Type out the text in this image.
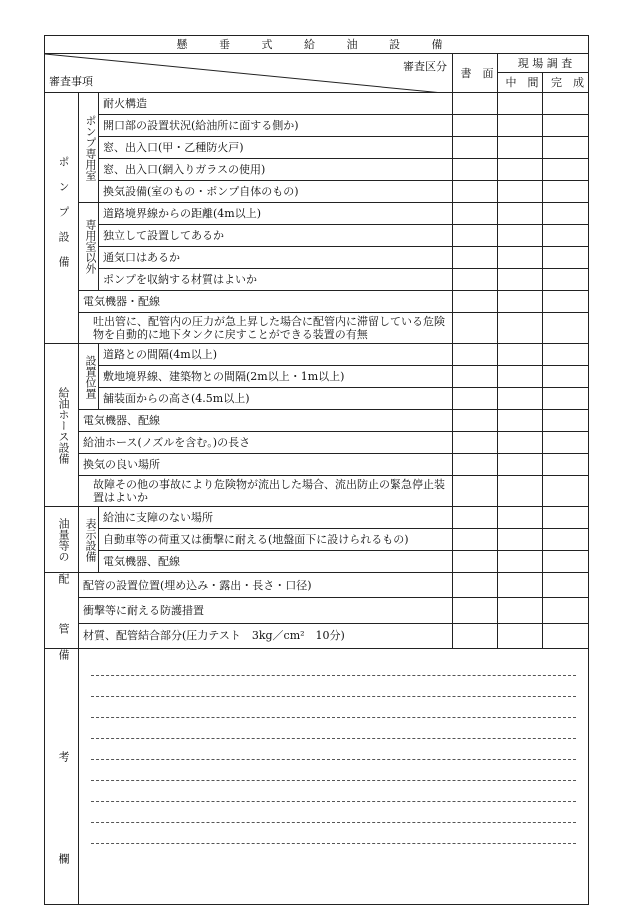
懸 垂 式 給 油 設 備					

審査区分
審査事項			書　面	現 場 調 査	
				中　間	完　成
ポンプ設備	ポンプ専用室	耐火構造			
		開口部の設置状況(給油所に面する側か)			
		窓、出入口(甲・乙種防火戸)			
		窓、出入口(網入りガラスの使用)			
		換気設備(室のもの・ポンプ自体のもの)			
	専用室以外	道路境界線からの距離(4m以上)			
		独立して設置してあるか			
		通気口はあるか			
		ポンプを収納する材質はよいか			
	電気機器・配線				
	吐出管に、配管内の圧力が急上昇した場合に配管内に滞留している危険物を自動的に地下タンクに戻すことができる装置の有無				
給油ホース設備	設置位置	道路との間隔(4m以上)			
		敷地境界線、建築物との間隔(2m以上・1m以上)			
		舗装面からの高さ(4.5m以上)			
	電気機器、配線				
	給油ホース(ノズルを含む。)の長さ				
	換気の良い場所				
	故障その他の事故により危険物が流出した場合、流出防止の緊急停止装置はよいか				
油量等の	表示設備	給油に支障のない場所			
		自動車等の荷重又は衝撃に耐える(地盤面下に設けられるもの)			
		電気機器、配線			
配　管	配管の設置位置(埋め込み・露出・長さ・口径)				
	衝撃等に耐える防護措置				
	材質、配管結合部分(圧力テスト　3kg／cm²　10分)				
備　考　欄					
